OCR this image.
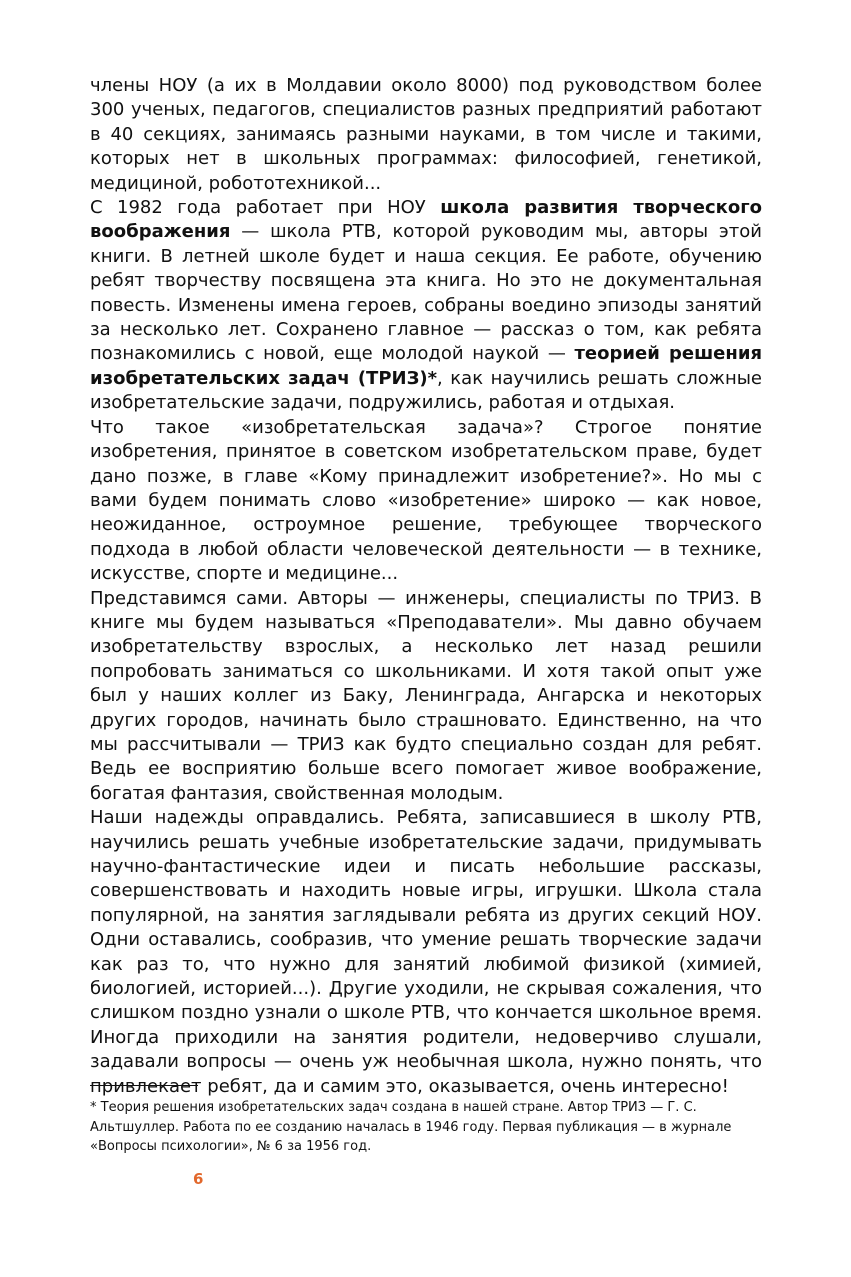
члены НОУ (а их в Молдавии около 8000) под руководством более 300 ученых, педагогов, специалистов разных предприятий работают в 40 секциях, занимаясь разными науками, в том числе и такими, которых нет в школьных программах: философией, генетикой, медициной, робототехникой...

С 1982 года работает при НОУ школа развития творческого воображения — школа РТВ, которой руководим мы, авторы этой книги. В летней школе будет и наша секция. Ее работе, обучению ребят творчеству посвящена эта книга. Но это не документальная повесть. Изменены имена героев, собраны воедино эпизоды занятий за несколько лет. Сохранено главное — рассказ о том, как ребята познакомились с новой, еще молодой наукой — теорией решения изобретательских задач (ТРИЗ)*, как научились решать сложные изобретательские задачи, подружились, работая и отдыхая.

Что такое «изобретательская задача»? Строгое понятие изобретения, принятое в советском изобретательском праве, будет дано позже, в главе «Кому принадлежит изобретение?». Но мы с вами будем понимать слово «изобретение» широко — как новое, неожиданное, остроумное решение, требующее творческого подхода в любой области человеческой деятельности — в технике, искусстве, спорте и медицине...

Представимся сами. Авторы — инженеры, специалисты по ТРИЗ. В книге мы будем называться «Преподаватели». Мы давно обучаем изобретательству взрослых, а несколько лет назад решили попробовать заниматься со школьниками. И хотя такой опыт уже был у наших коллег из Баку, Ленинграда, Ангарска и некоторых других городов, начинать было страшновато. Единственно, на что мы рассчитывали — ТРИЗ как будто специально создан для ребят. Ведь ее восприятию больше всего помогает живое воображение, богатая фантазия, свойственная молодым.

Наши надежды оправдались. Ребята, записавшиеся в школу РТВ, научились решать учебные изобретательские задачи, придумывать научно-фантастические идеи и писать небольшие рассказы, совершенствовать и находить новые игры, игрушки. Школа стала популярной, на занятия заглядывали ребята из других секций НОУ. Одни оставались, сообразив, что умение решать творческие задачи как раз то, что нужно для занятий любимой физикой (химией, биологией, историей...). Другие уходили, не скрывая сожаления, что слишком поздно узнали о школе РТВ, что кончается школьное время. Иногда приходили на занятия родители, недоверчиво слушали, задавали вопросы — очень уж необычная школа, нужно понять, что привлекает ребят, да и самим это, оказывается, очень интересно!

* Теория решения изобретательских задач создана в нашей стране. Автор ТРИЗ — Г. С. Альтшуллер. Работа по ее созданию началась в 1946 году. Первая публикация — в журнале «Вопросы психологии», № 6 за 1956 год.
6
